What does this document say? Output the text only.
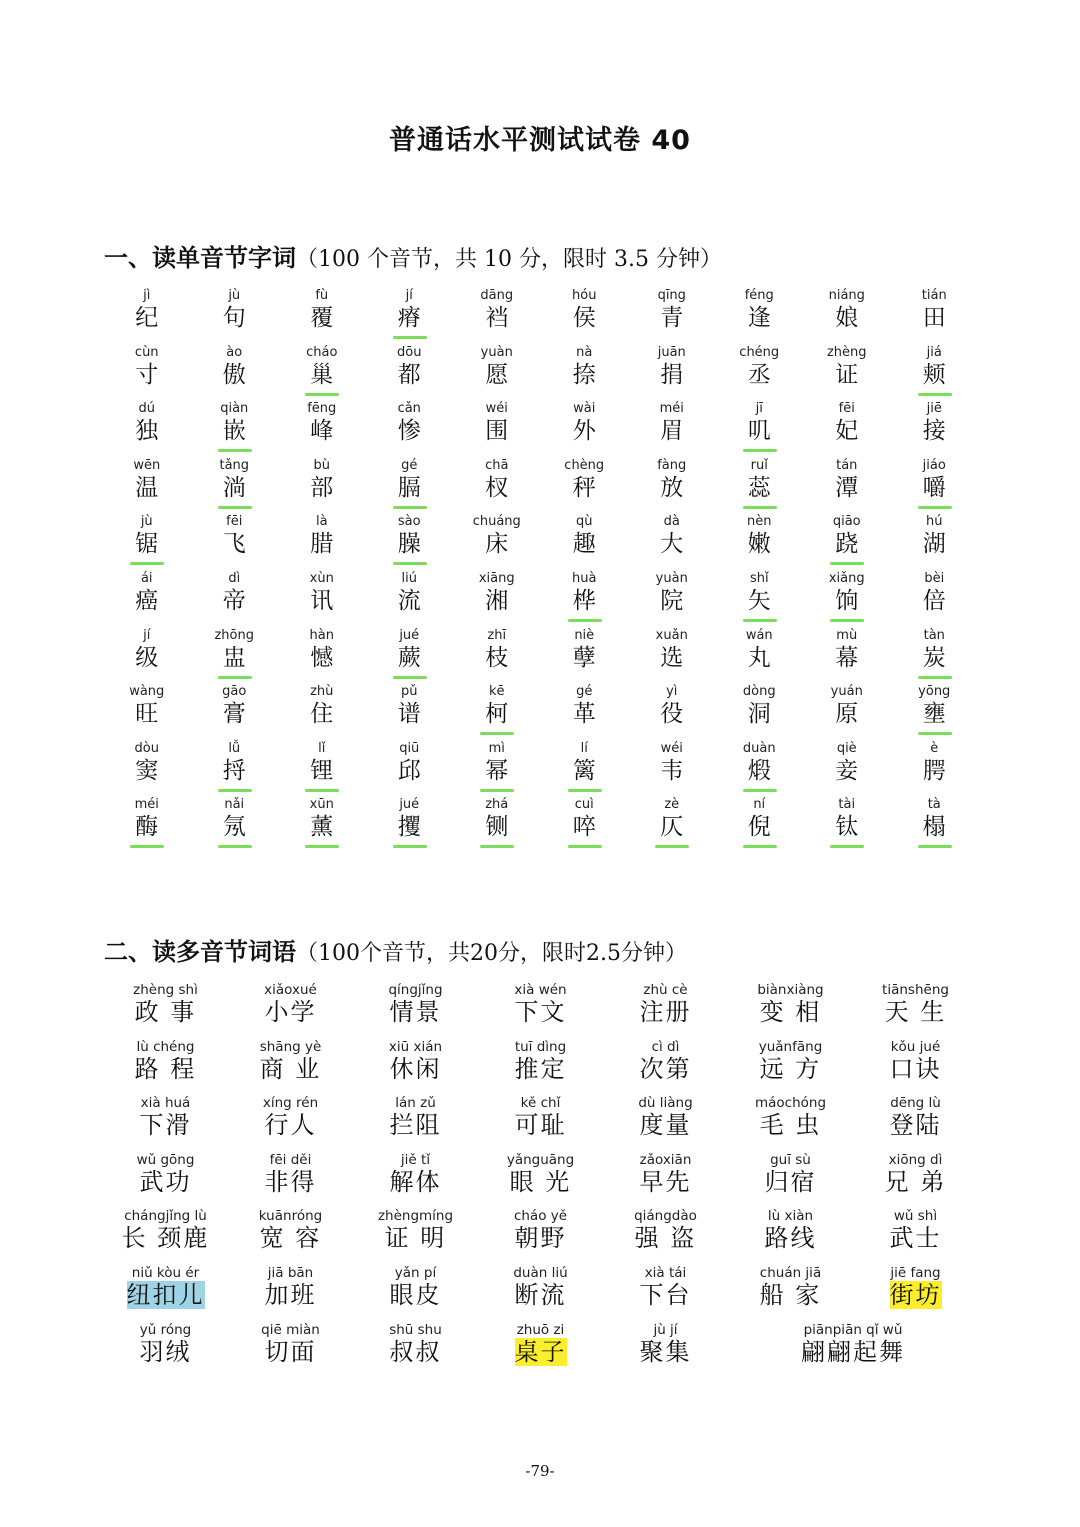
普通话水平测试试卷 40
一、读单音节字词（100 个音节，共 10 分，限时 3.5 分钟）
jì
纪
jù
句
fù
覆
jí
瘠
dāng
裆
hóu
侯
qīng
青
féng
逢
niáng
娘
tián
田
cùn
寸
ào
傲
cháo
巢
dōu
都
yuàn
愿
nà
捺
juān
捐
chéng
丞
zhèng
证
jiá
颊
dú
独
qiàn
嵌
fēng
峰
cǎn
惨
wéi
围
wài
外
méi
眉
jī
叽
fēi
妃
jiē
接
wēn
温
tǎng
淌
bù
部
gé
膈
chā
杈
chèng
秤
fàng
放
ruǐ
蕊
tán
潭
jiáo
嚼
jù
锯
fēi
飞
là
腊
sào
臊
chuáng
床
qù
趣
dà
大
nèn
嫩
qiāo
跷
hú
湖
ái
癌
dì
帝
xùn
讯
liú
流
xiāng
湘
huà
桦
yuàn
院
shǐ
矢
xiǎng
饷
bèi
倍
jí
级
zhōng
盅
hàn
憾
jué
蕨
zhī
枝
niè
孽
xuǎn
选
wán
丸
mù
幕
tàn
炭
wàng
旺
gāo
膏
zhù
住
pǔ
谱
kē
柯
gé
革
yì
役
dòng
洞
yuán
原
yōng
壅
dòu
窦
lǚ
捋
lǐ
锂
qiū
邱
mì
幂
lí
篱
wéi
韦
duàn
煅
qiè
妾
è
腭
méi
酶
nǎi
氖
xūn
薰
jué
攫
zhá
铡
cuì
啐
zè
仄
ní
倪
tài
钛
tà
榻
二、读多音节词语（100个音节，共20分，限时2.5分钟）
zhèng shì
政 事
xiǎoxué
小学
qíngjǐng
情景
xià wén
下文
zhù cè
注册
biànxiàng
变 相
tiānshēng
天 生
lù chéng
路 程
shāng yè
商 业
xiū xián
休闲
tuī dìng
推定
cì dì
次第
yuǎnfāng
远 方
kǒu jué
口诀
xià huá
下滑
xíng rén
行人
lán zǔ
拦阻
kě chǐ
可耻
dù liàng
度量
máochóng
毛 虫
dēng lù
登陆
wǔ gōng
武功
fēi děi
非得
jiě tǐ
解体
yǎnguāng
眼 光
zǎoxiān
早先
guī sù
归宿
xiōng dì
兄 弟
chángjǐng lù
长 颈鹿
kuānróng
宽 容
zhèngmíng
证 明
cháo yě
朝野
qiángdào
强 盗
lù xiàn
路线
wǔ shì
武士
niǔ kòu ér
纽扣儿
jiā bān
加班
yǎn pí
眼皮
duàn liú
断流
xià tái
下台
chuán jiā
船 家
jiē fang
街坊
yǔ róng
羽绒
qiē miàn
切面
shū shu
叔叔
zhuō zi
桌子
jù jí
聚集
piānpiān qǐ wǔ
翩翩起舞
-79-
